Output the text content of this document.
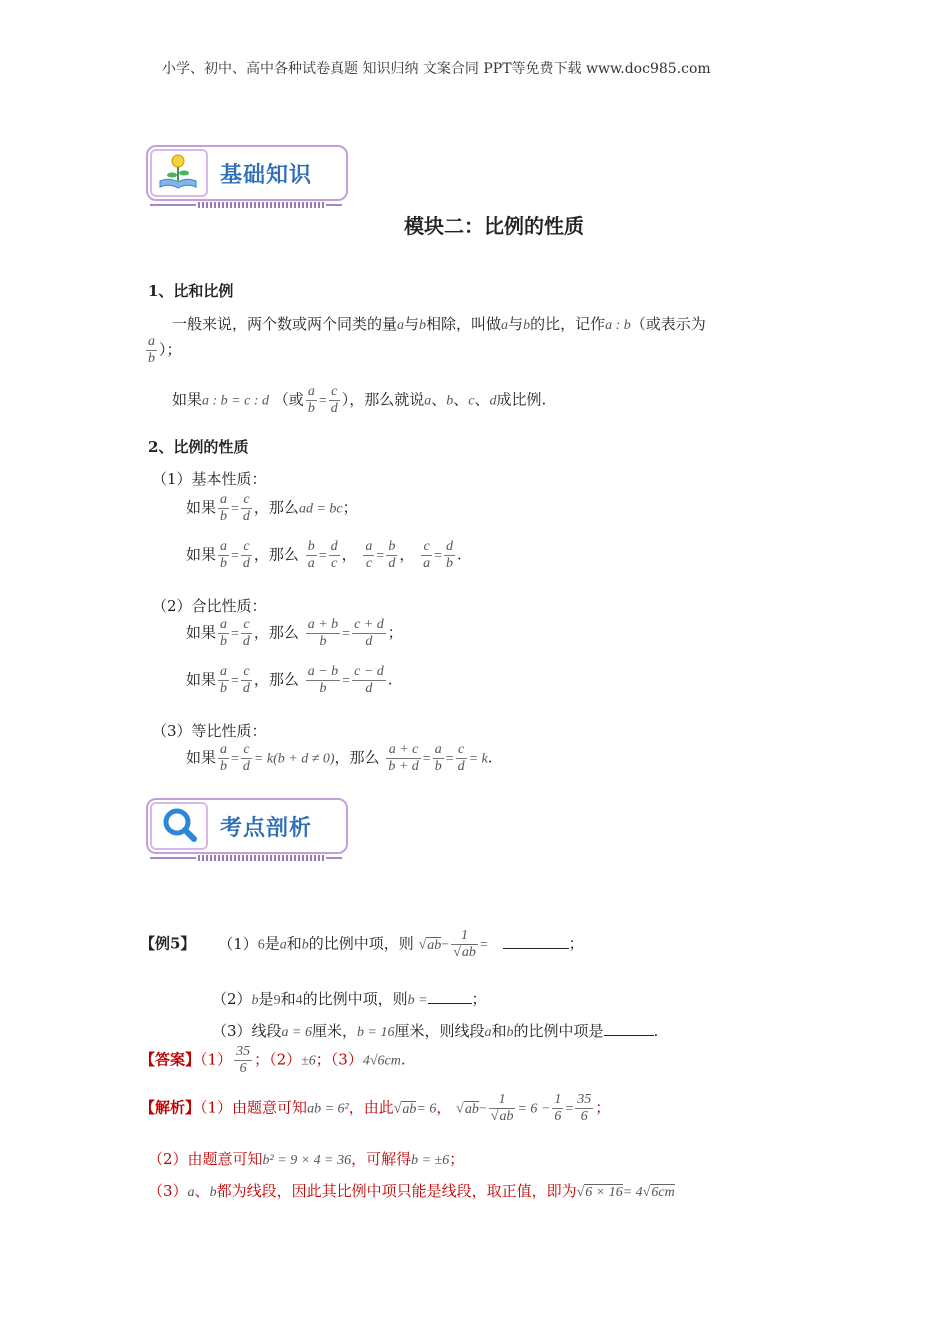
小学、初中、高中各种试卷真题 知识归纳 文案合同 PPT等免费下载 www.doc985.com
基础知识
模块二：比例的性质
1、比和比例
一般来说，两个数或两个同类的量a与b相除，叫做a与b的比，记作a : b（或表示为
$\frac{a}{b}$ ）；
如果a : b = c : d （或 $\frac{a}{b} = \frac{c}{d}$ ），那么就说a、b、c、d成比例.
2、比例的性质
（1）基本性质：
如果 $\frac{a}{b} = \frac{c}{d}$ ，那么ad = bc；
如果 $\frac{a}{b} = \frac{c}{d}$ ，那么 $\frac{b}{a} = \frac{d}{c}$ ， $\frac{a}{c} = \frac{b}{d}$ ， $\frac{c}{a} = \frac{d}{b}$ .
（2）合比性质：
如果 $\frac{a}{b} = \frac{c}{d}$ ，那么 $\frac{a + b}{b} = \frac{c + d}{d}$ ；
如果 $\frac{a}{b} = \frac{c}{d}$ ，那么 $\frac{a - b}{b} = \frac{c - d}{d}$ .
（3）等比性质：
如果 $\frac{a}{b} = \frac{c}{d} = k(b + d \ne 0)$，那么 $\frac{a + c}{b + d} = \frac{a}{b} = \frac{c}{d} = k$.
考点剖析
【例5】 （1）6是a和b的比例中项，则 $√ab- \frac{1}{√ab}$ =	；
（2）b是9和4的比例中项，则b =	；
（3）线段a = 6厘米，b = 16厘米，则线段a和b的比例中项是	.
【答案】$(1) \frac{35}{6}$ ；（2）±6；（3）4√6cm.
【解析】（1）由题意可知ab = 6²，由此√ab= 6， $√ab- \frac{1}{√ab} = 6 - \frac{1}{6} = \frac{35}{6}$ ；
（2）由题意可知b² = 9 × 4 = 36，可解得b = ±6；
（3）a、b都为线段，因此其比例中项只能是线段，取正值，即为√6 × 16= 4√6cm
